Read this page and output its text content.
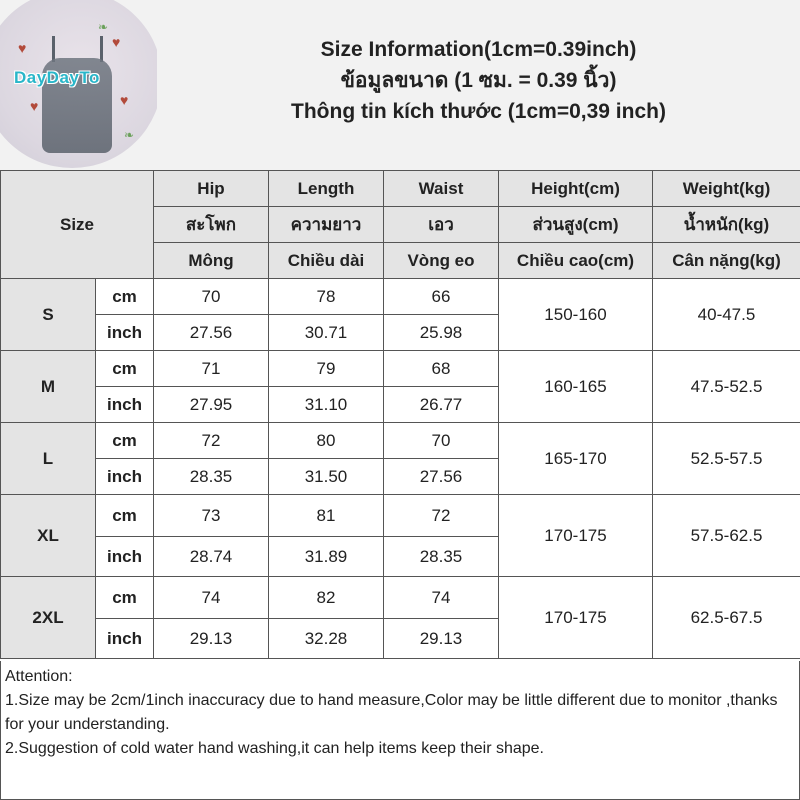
♥	♥
♥
♥
❧
❧
DayDayTo
Size Information(1cm=0.39inch)
ข้อมูลขนาด (1 ซม. = 0.39 นิ้ว)
Thông tin kích thước (1cm=0,39 inch)
Size		Hip	Length	Waist	Height(cm)	Weight(kg)
		สะโพก	ความยาว	เอว	ส่วนสูง(cm)	น้ำหนัก(kg)
		Mông	Chiều dài	Vòng eo	Chiều cao(cm)	Cân nặng(kg)
S	cm	70	78	66	150-160	40-47.5
	inch	27.56	30.71	25.98		
M	cm	71	79	68	160-165	47.5-52.5
	inch	27.95	31.10	26.77		
L	cm	72	80	70	165-170	52.5-57.5
	inch	28.35	31.50	27.56		
XL	cm	73	81	72	170-175	57.5-62.5
	inch	28.74	31.89	28.35		
2XL	cm	74	82	74	170-175	62.5-67.5
	inch	29.13	32.28	29.13		
Attention:
1.Size may be 2cm/1inch inaccuracy due to hand measure,Color may be little different due to monitor ,thanks for your understanding.
2.Suggestion of cold water hand washing,it can help items keep their shape.
